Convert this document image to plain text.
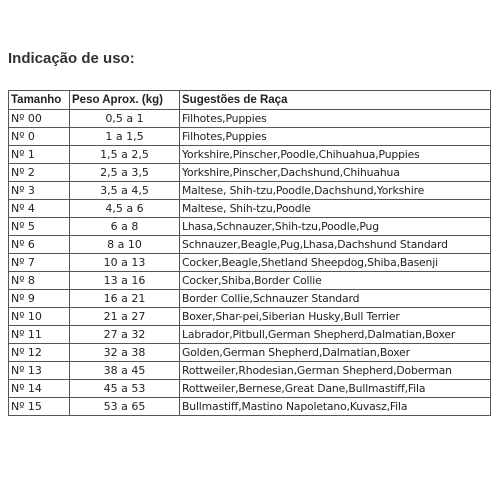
Indicação de uso:
Tamanho	Peso Aprox. (kg)	Sugestões de Raça
Nº 00	0,5 a 1	Filhotes,Puppies
Nº 0	1 a 1,5	Filhotes,Puppies
Nº 1	1,5 a 2,5	Yorkshire,Pinscher,Poodle,Chihuahua,Puppies
Nº 2	2,5 a 3,5	Yorkshire,Pinscher,Dachshund,Chihuahua
Nº 3	3,5 a 4,5	Maltese, Shih-tzu,Poodle,Dachshund,Yorkshire
Nº 4	4,5 a 6	Maltese, Shih-tzu,Poodle
Nº 5	6 a 8	Lhasa,Schnauzer,Shih-tzu,Poodle,Pug
Nº 6	8 a 10	Schnauzer,Beagle,Pug,Lhasa,Dachshund Standard
Nº 7	10 a 13	Cocker,Beagle,Shetland Sheepdog,Shiba,Basenji
Nº 8	13 a 16	Cocker,Shiba,Border Collie
Nº 9	16 a 21	Border Collie,Schnauzer Standard
Nº 10	21 a 27	Boxer,Shar-pei,Siberian Husky,Bull Terrier
Nº 11	27 a 32	Labrador,Pitbull,German Shepherd,Dalmatian,Boxer
Nº 12	32 a 38	Golden,German Shepherd,Dalmatian,Boxer
Nº 13	38 a 45	Rottweiler,Rhodesian,German Shepherd,Doberman
Nº 14	45 a 53	Rottweiler,Bernese,Great Dane,Bullmastiff,Fila
Nº 15	53 a 65	Bullmastiff,Mastino Napoletano,Kuvasz,Fila
